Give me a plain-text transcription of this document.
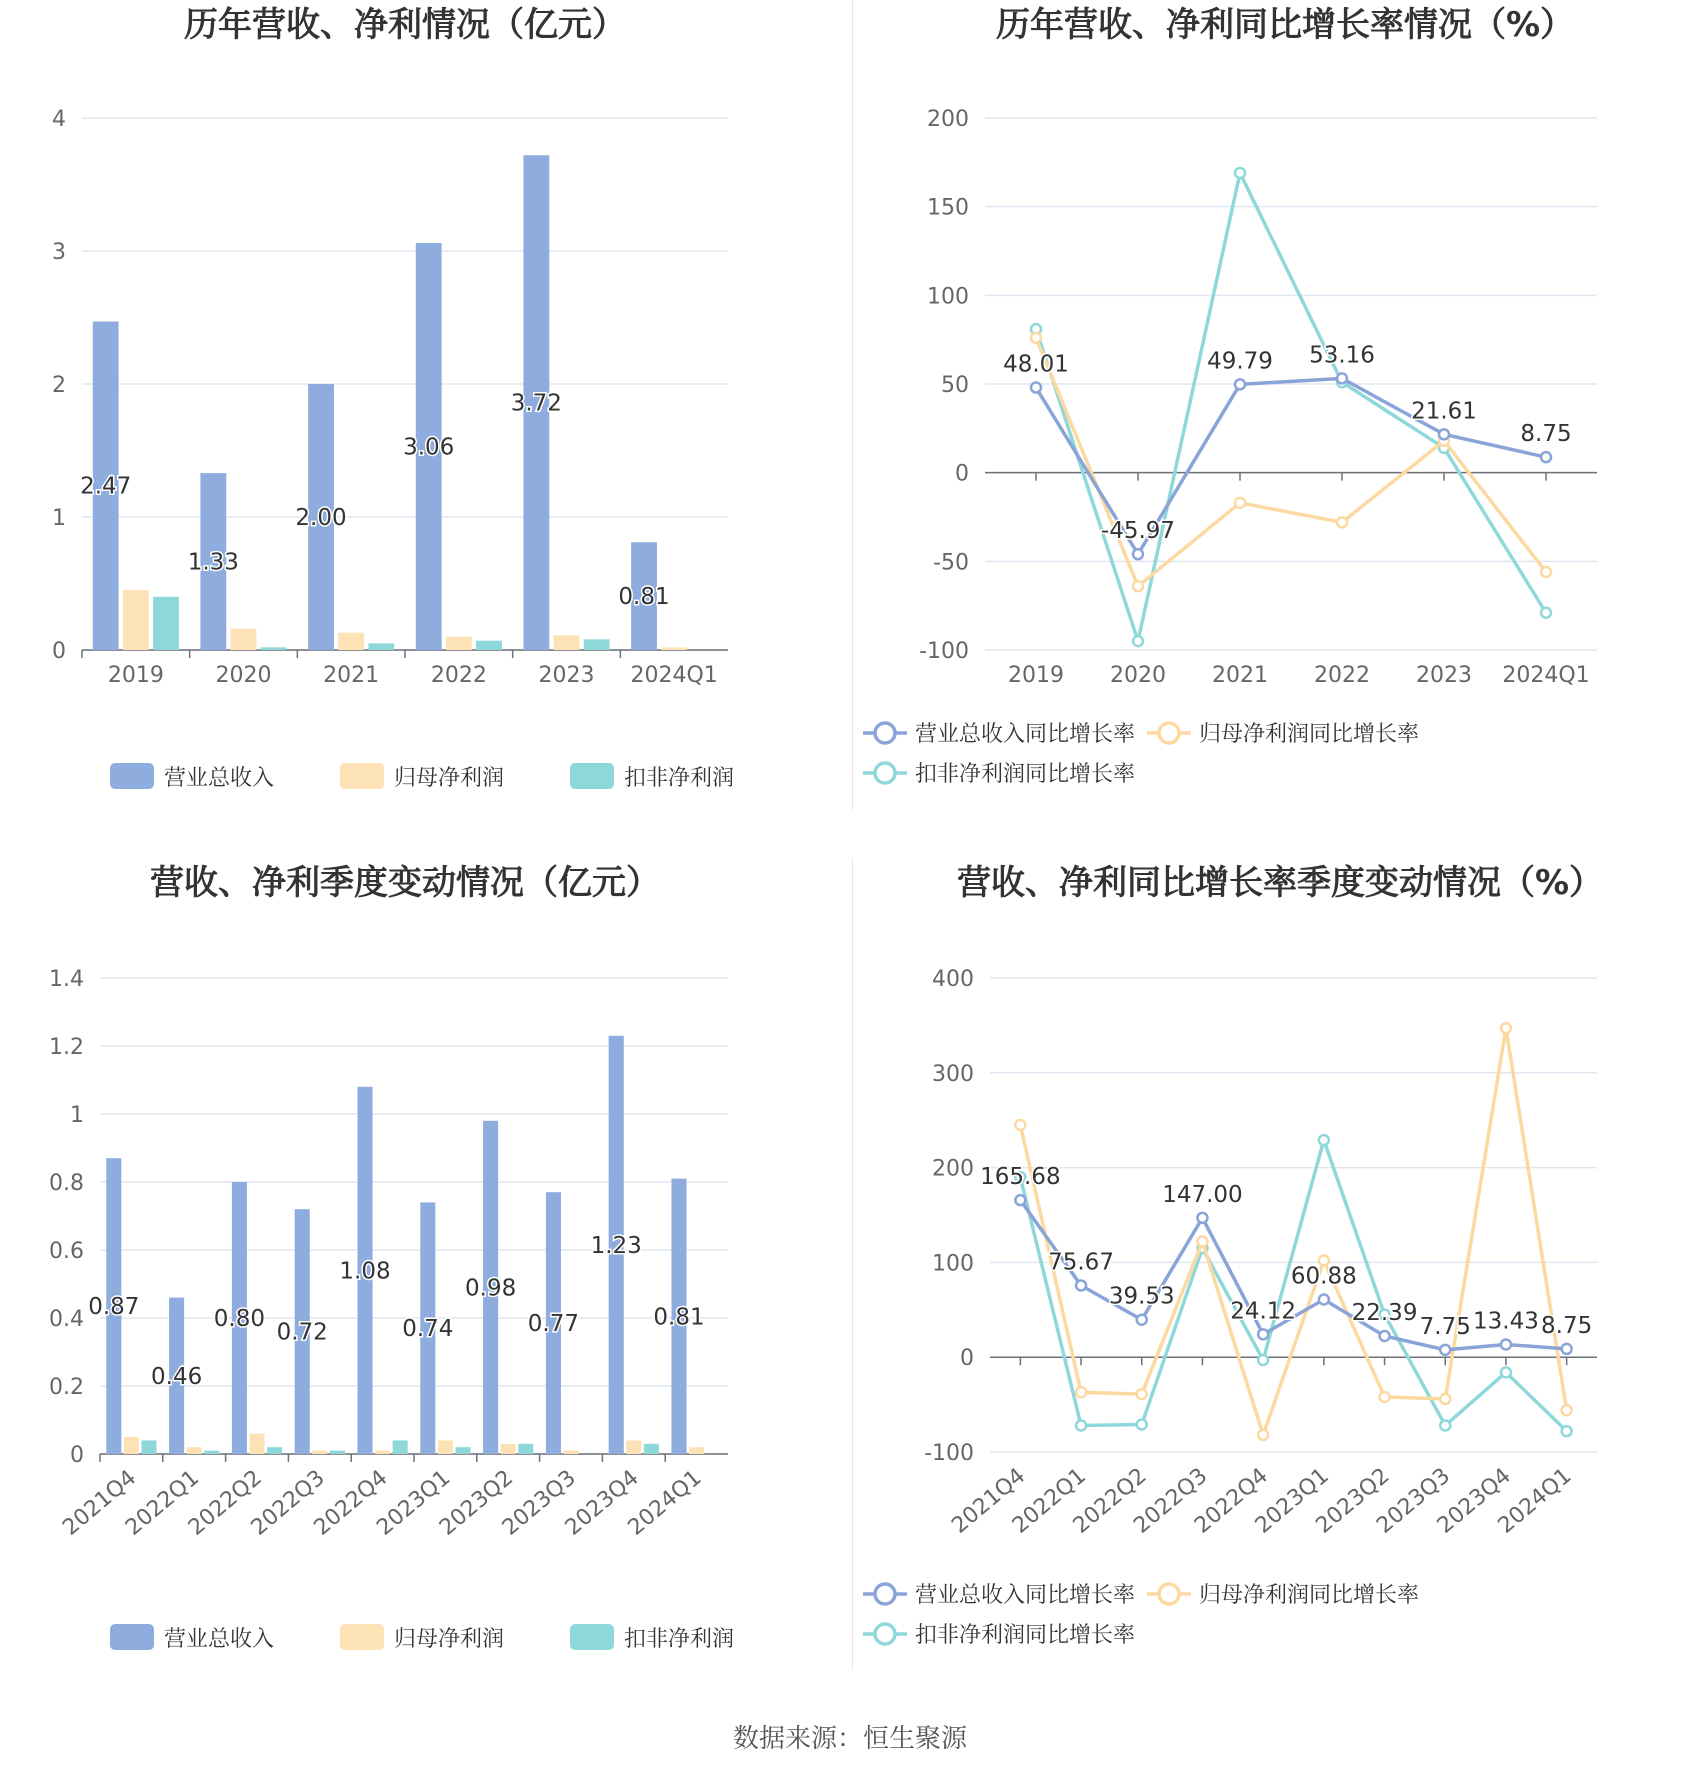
历年营收、净利情况（亿元）
0
1
2
3
4
2019 2020 2021 2022 2023 2024Q1
2.47
1.33
2.00
3.06
3.72
0.81
营业总收入	归母净利润	扣非净利润
历年营收、净利同比增长率情况（%）
-100
-50
0
50
100
150
200
2019 2020 2021 2022 2023 2024Q1
48.01
-45.97
49.79 53.16
21.61
8.75
营业总收入同比增长率	归母净利润同比增长率
扣非净利润同比增长率
营收、净利季度变动情况（亿元）
0
0.2
0.4
0.6
0.8
1
1.2
1.4
2021Q4
2022Q1
2022Q2
2022Q3
2022Q4
2023Q1
2023Q2
2023Q3
2023Q4
2024Q1
0.87
0.46
0.80
0.72
1.08
0.74
0.98
0.77
1.23
0.81
营业总收入	归母净利润	扣非净利润
营收、净利同比增长率季度变动情况（%）
-100
0
100
200
300
400
2021Q4
2022Q1
2022Q2
2022Q3
2022Q4
2023Q1
2023Q2
2023Q3
2023Q4
2024Q1
165.68
75.67
39.53
147.00
24.12
60.88
22.39
7.75 13.43 8.75
营业总收入同比增长率	归母净利润同比增长率
扣非净利润同比增长率
数据来源：恒生聚源
